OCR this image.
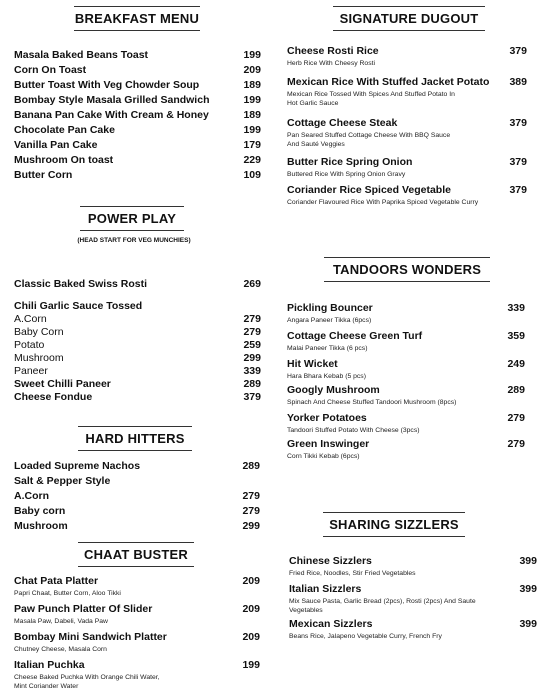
BREAKFAST MENU
Masala Baked Beans Toast	199
Corn On Toast	209
Butter Toast With Veg Chowder Soup	189
Bombay Style Masala Grilled Sandwich	199
Banana Pan Cake With Cream & Honey	189
Chocolate Pan Cake	199
Vanilla Pan Cake	179
Mushroom On toast	229
Butter Corn	109
POWER PLAY
(HEAD START FOR VEG MUNCHIES)
Classic Baked Swiss Rosti	269
Chili Garlic Sauce Tossed
A.Corn	279
Baby Corn	279
Potato	259
Mushroom	299
Paneer	339
Sweet Chilli Paneer	289
Cheese Fondue	379
HARD HITTERS
Loaded Supreme Nachos	289
Salt & Pepper Style
A.Corn	279
Baby corn	279
Mushroom	299
CHAAT BUSTER
Chat Pata Platter	209
Papri Chaat, Butter Corn, Aloo Tikki
Paw Punch Platter Of Slider	209
Masala Paw, Dabeli, Vada Paw
Bombay Mini Sandwich Platter	209
Chutney Cheese, Masala Corn
Italian Puchka	199
Cheese Baked Puchka With Orange Chili Water,
Mint Coriander Water
SIGNATURE DUGOUT
Cheese Rosti Rice	379
Herb Rice With Cheesy Rosti
Mexican Rice With Stuffed Jacket Potato	389
Mexican Rice Tossed With Spices And Stuffed Potato In
Hot Garlic Sauce
Cottage Cheese Steak	379
Pan Seared Stuffed Cottage Cheese With BBQ Sauce
And Sauté Veggies
Butter Rice Spring Onion	379
Buttered Rice With Spring Onion Gravy
Coriander Rice Spiced Vegetable	379
Coriander Flavoured Rice With Paprika Spiced Vegetable Curry
TANDOORS WONDERS
Pickling Bouncer	339
Angara Paneer Tikka (6pcs)
Cottage Cheese Green Turf	359
Malai Paneer Tikka (6 pcs)
Hit Wicket	249
Hara Bhara Kebab (5 pcs)
Googly Mushroom	289
Spinach And Cheese Stuffed Tandoori Mushroom (8pcs)
Yorker Potatoes	279
Tandoori Stuffed Potato With Cheese (3pcs)
Green Inswinger	279
Corn Tikki Kebab (6pcs)
SHARING SIZZLERS
Chinese Sizzlers	399
Fried Rice, Noodles, Stir Fried Vegetables
Italian Sizzlers	399
Mix Sauce Pasta, Garlic Bread (2pcs), Rosti (2pcs) And Saute
Vegetables
Mexican Sizzlers	399
Beans Rice, Jalapeno Vegetable Curry, French Fry
